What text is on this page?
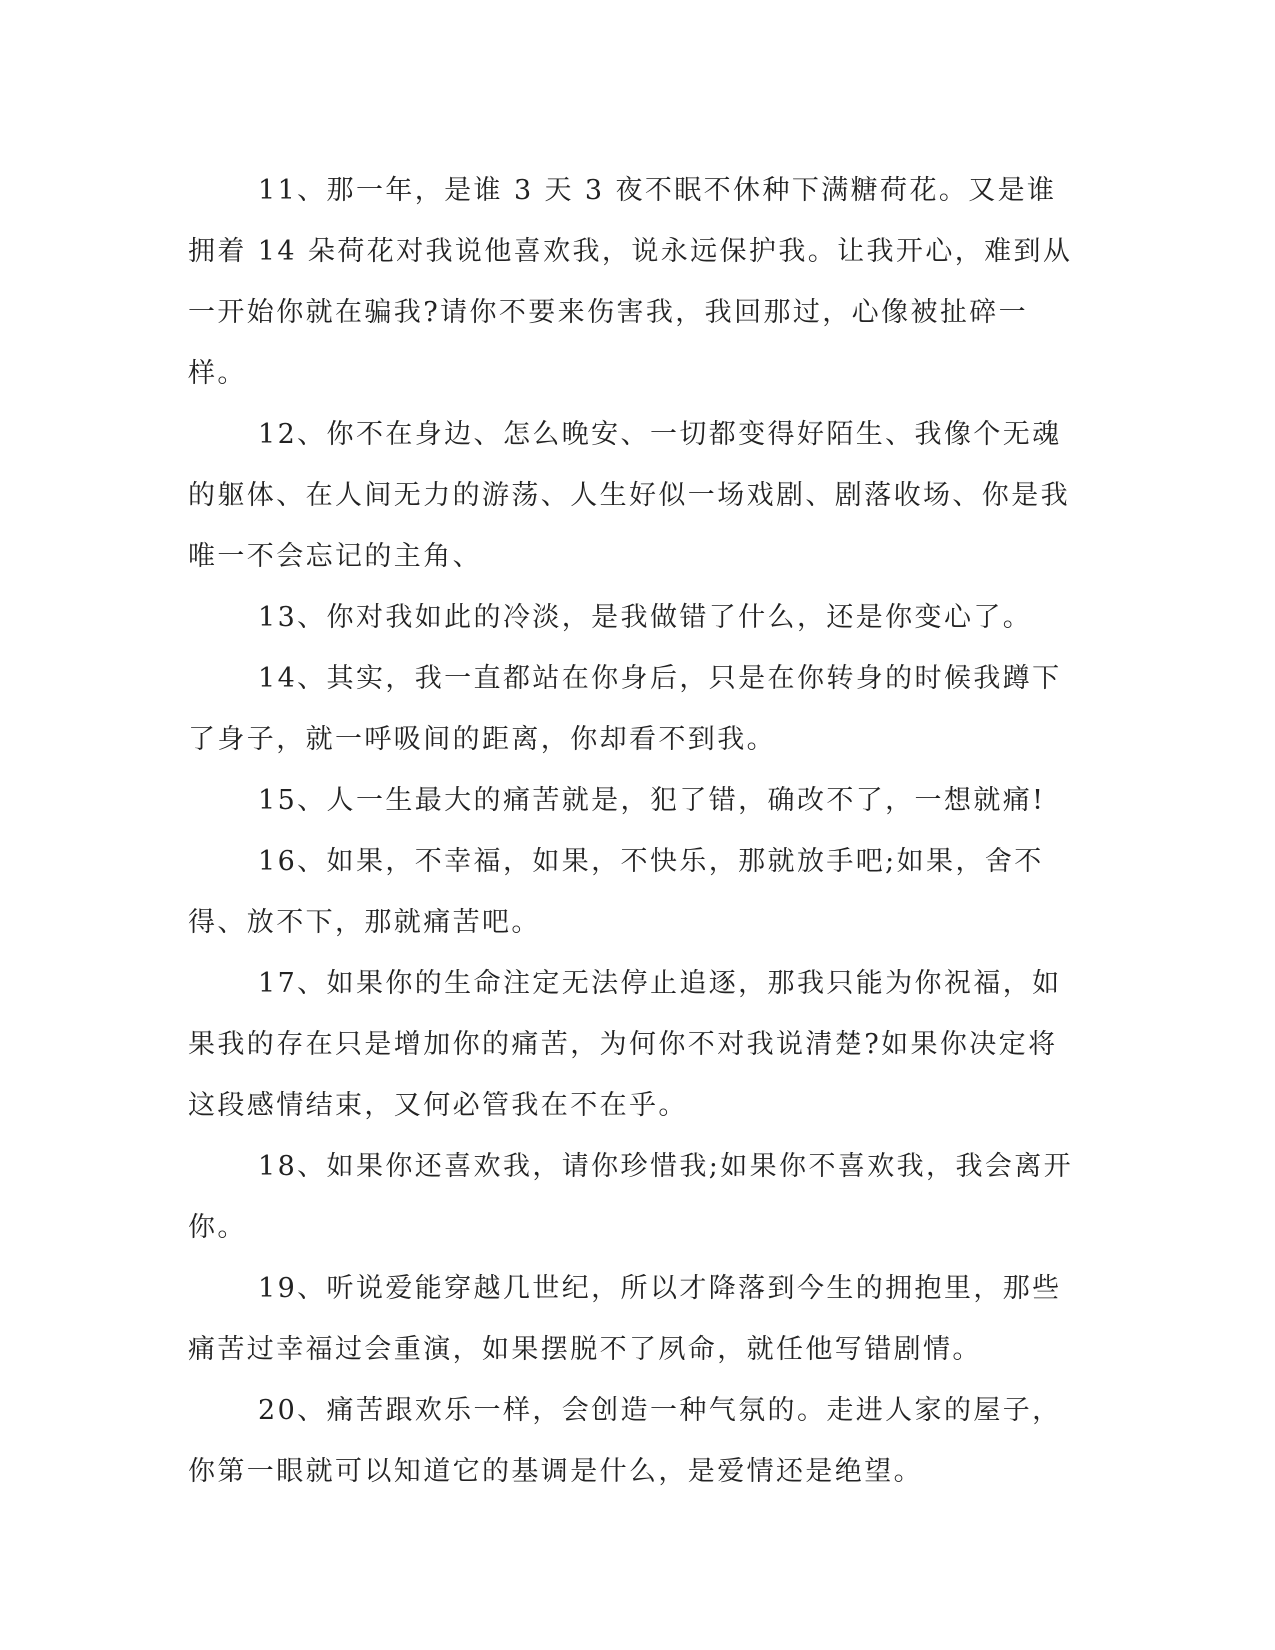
11、那一年，是谁 3 天 3 夜不眠不休种下满糖荷花。又是谁拥着 14 朵荷花对我说他喜欢我，说永远保护我。让我开心，难到从一开始你就在骗我?请你不要来伤害我，我回那过，心像被扯碎一样。

12、你不在身边、怎么晚安、一切都变得好陌生、我像个无魂的躯体、在人间无力的游荡、人生好似一场戏剧、剧落收场、你是我唯一不会忘记的主角、

13、你对我如此的冷淡，是我做错了什么，还是你变心了。

14、其实，我一直都站在你身后，只是在你转身的时候我蹲下了身子，就一呼吸间的距离，你却看不到我。

15、人一生最大的痛苦就是，犯了错，确改不了，一想就痛!

16、如果，不幸福，如果，不快乐，那就放手吧;如果，舍不得、放不下，那就痛苦吧。

17、如果你的生命注定无法停止追逐，那我只能为你祝福，如果我的存在只是增加你的痛苦，为何你不对我说清楚?如果你决定将这段感情结束，又何必管我在不在乎。

18、如果你还喜欢我，请你珍惜我;如果你不喜欢我，我会离开你。

19、听说爱能穿越几世纪，所以才降落到今生的拥抱里，那些痛苦过幸福过会重演，如果摆脱不了夙命，就任他写错剧情。

20、痛苦跟欢乐一样，会创造一种气氛的。走进人家的屋子，你第一眼就可以知道它的基调是什么，是爱情还是绝望。
